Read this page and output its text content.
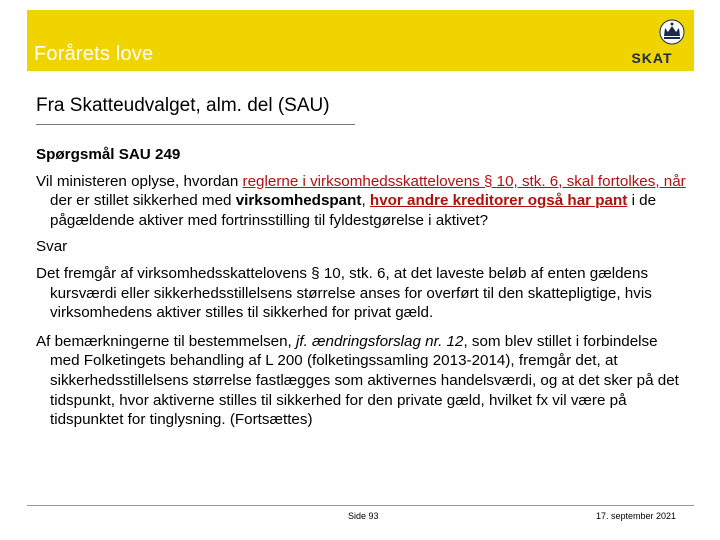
Forårets love	SKAT
Fra Skatteudvalget, alm. del (SAU)

Spørgsmål SAU 249

Vil ministeren oplyse, hvordan reglerne i virksomhedsskattelovens § 10, stk. 6, skal fortolkes, når der er stillet sikkerhed med virksomhedspant, hvor andre kreditorer også har pant i de pågældende aktiver med fortrinsstilling til fyldestgørelse i aktivet?

Svar

Det fremgår af virksomhedsskattelovens § 10, stk. 6, at det laveste beløb af enten gældens kursværdi eller sikkerhedsstillelsens størrelse anses for overført til den skattepligtige, hvis virksomhedens aktiver stilles til sikkerhed for privat gæld.

Af bemærkningerne til bestemmelsen, jf. ændringsforslag nr. 12, som blev stillet i forbindelse med Folketingets behandling af L 200 (folketingssamling 2013-2014), fremgår det, at sikkerhedsstillelsens størrelse fastlægges som aktivernes handelsværdi, og at det sker på det tidspunkt, hvor aktiverne stilles til sikkerhed for den private gæld, hvilket fx vil være på tidspunktet for tinglysning. (Fortsættes)

Side 93	17. september 2021
